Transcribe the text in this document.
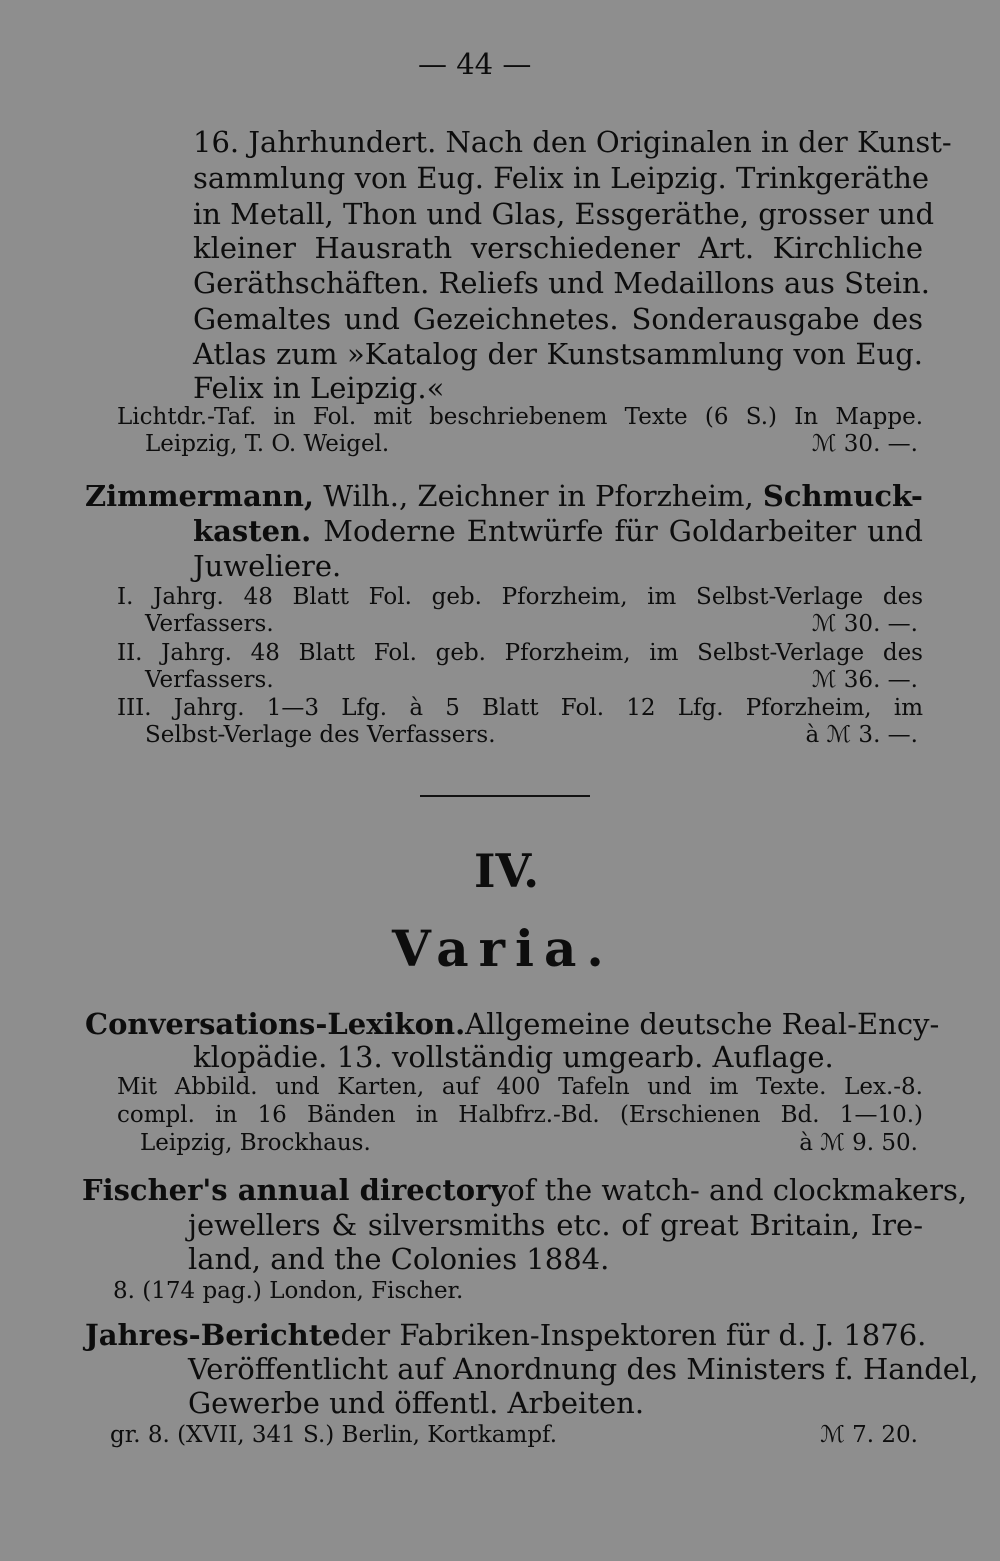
— 44 —
16. Jahrhundert. Nach den Originalen in der Kunst-
sammlung von Eug. Felix in Leipzig. Trinkgeräthe
in Metall, Thon und Glas, Essgeräthe, grosser und
kleiner Hausrath verschiedener Art. Kirchliche
Geräthschäften. Reliefs und Medaillons aus Stein.
Gemaltes und Gezeichnetes. Sonderausgabe des
Atlas zum »Katalog der Kunstsammlung von Eug.
Felix in Leipzig.«
Lichtdr.-Taf. in Fol. mit beschriebenem Texte (6 S.) In Mappe.
Leipzig, T. O. Weigel.	ℳ 30. —.
Zimmermann, Wilh., Zeichner in Pforzheim, Schmuck-
kasten. Moderne Entwürfe für Goldarbeiter und
Juweliere.
I. Jahrg. 48 Blatt Fol. geb. Pforzheim, im Selbst-Verlage des
Verfassers.	ℳ 30. —.
II. Jahrg. 48 Blatt Fol. geb. Pforzheim, im Selbst-Verlage des
Verfassers.	ℳ 36. —.
III. Jahrg. 1—3 Lfg. à 5 Blatt Fol. 12 Lfg. Pforzheim, im
Selbst-Verlage des Verfassers.	à ℳ 3. —.
IV.
Varia.
Conversations-Lexikon. Allgemeine deutsche Real-Ency-
klopädie. 13. vollständig umgearb. Auflage.
Mit Abbild. und Karten, auf 400 Tafeln und im Texte. Lex.-8.
compl. in 16 Bänden in Halbfrz.-Bd. (Erschienen Bd. 1—10.)
Leipzig, Brockhaus.	à ℳ 9. 50.
Fischer's annual directory of the watch- and clockmakers,
jewellers & silversmiths etc. of great Britain, Ire-
land, and the Colonies 1884.
8. (174 pag.) London, Fischer.
Jahres-Berichte der Fabriken-Inspektoren für d. J. 1876.
Veröffentlicht auf Anordnung des Ministers f. Handel,
Gewerbe und öffentl. Arbeiten.
gr. 8. (XVII, 341 S.) Berlin, Kortkampf.	ℳ 7. 20.
